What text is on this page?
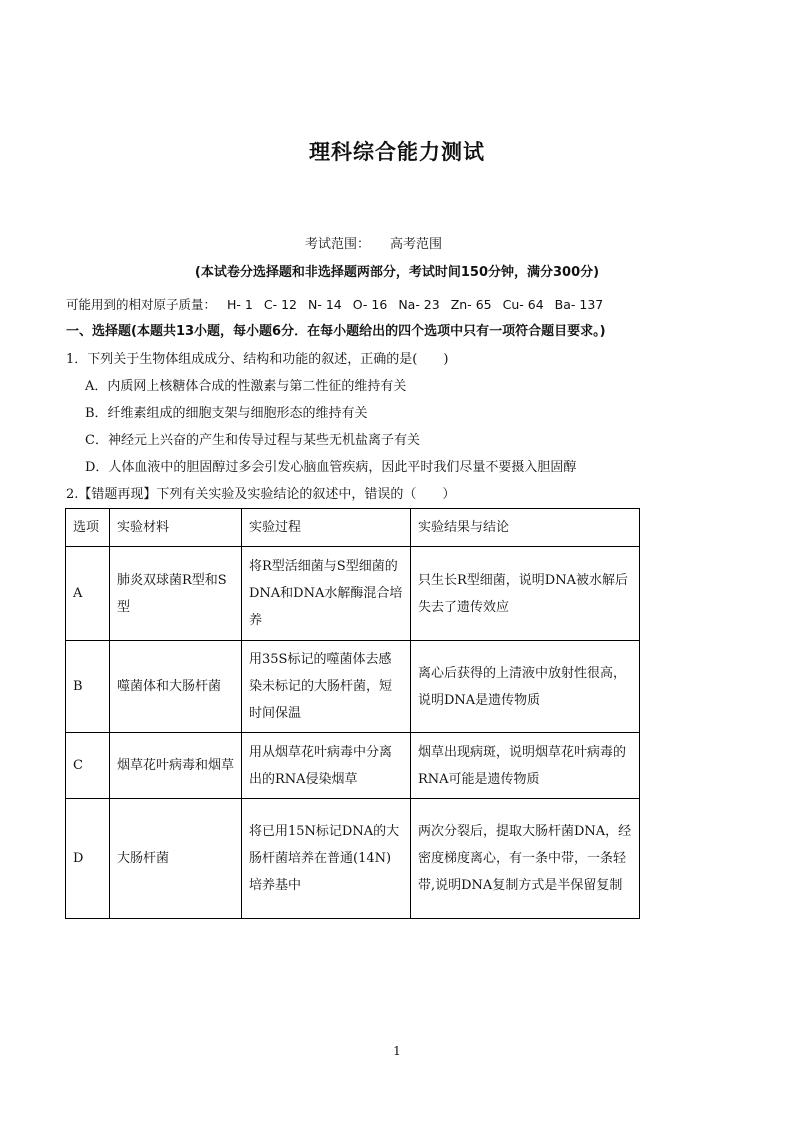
理科综合能力测试
考试范围： 高考范围
(本试卷分选择题和非选择题两部分，考试时间150分钟，满分300分)
可能用到的相对原子质量： H- 1 C- 12 N- 14 O- 16 Na- 23 Zn- 65 Cu- 64 Ba- 137
一、选择题(本题共13小题，每小题6分．在每小题给出的四个选项中只有一项符合题目要求。)
1．下列关于生物体组成成分、结构和功能的叙述，正确的是(　　)
A．内质网上核糖体合成的性激素与第二性征的维持有关
B．纤维素组成的细胞支架与细胞形态的维持有关
C．神经元上兴奋的产生和传导过程与某些无机盐离子有关
D．人体血液中的胆固醇过多会引发心脑血管疾病，因此平时我们尽量不要摄入胆固醇
2.【错题再现】下列有关实验及实验结论的叙述中，错误的（　　）
选项	实验材料	实验过程	实验结果与结论
A	肺炎双球菌R型和S型	将R型活细菌与S型细菌的DNA和DNA水解酶混合培养	只生长R型细菌，说明DNA被水解后失去了遗传效应
B	噬菌体和大肠杆菌	用35S标记的噬菌体去感染未标记的大肠杆菌，短时间保温	离心后获得的上清液中放射性很高，说明DNA是遗传物质
C	烟草花叶病毒和烟草	用从烟草花叶病毒中分离出的RNA侵染烟草	烟草出现病斑，说明烟草花叶病毒的RNA可能是遗传物质
D	大肠杆菌	将已用15N标记DNA的大肠杆菌培养在普通(14N)培养基中	两次分裂后，提取大肠杆菌DNA，经密度梯度离心，有一条中带，一条轻带,说明DNA复制方式是半保留复制
1
